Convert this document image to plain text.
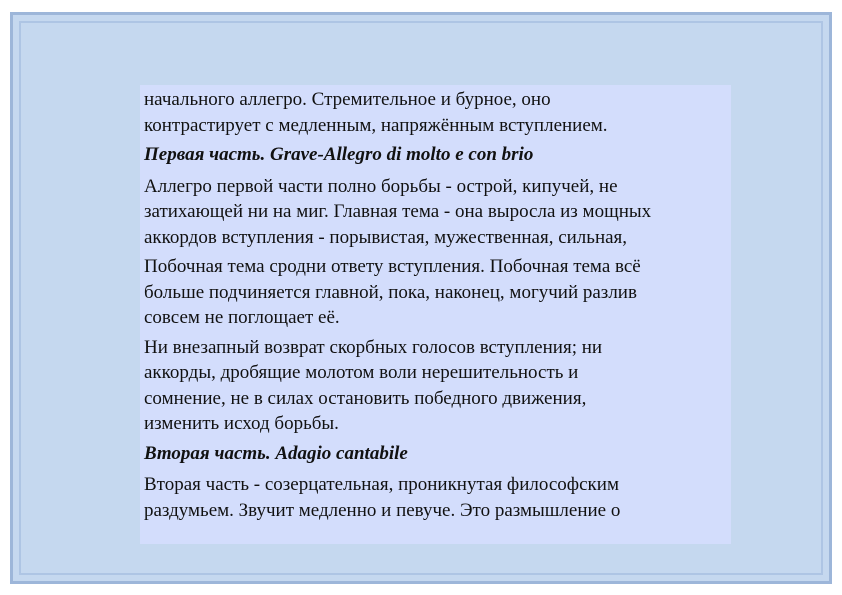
начального аллегро. Стремительное и бурное, оно
контрастирует с медленным, напряжённым вступлением.

Первая часть. Grave-Allegro di molto e con brio

Аллегро первой части полно борьбы - острой, кипучей, не
затихающей ни на миг. Главная тема - она выросла из мощных
аккордов вступления - порывистая, мужественная, сильная,

Побочная тема сродни ответу вступления. Побочная тема всё
больше подчиняется главной, пока, наконец, могучий разлив
совсем не поглощает её.

Ни внезапный возврат скорбных голосов вступления; ни
аккорды, дробящие молотом воли нерешительность и
сомнение, не в силах остановить победного движения,
изменить исход борьбы.

Вторая часть. Adagio cantabile

Вторая часть - созерцательная, проникнутая философским
раздумьем. Звучит медленно и певуче. Это размышление о
